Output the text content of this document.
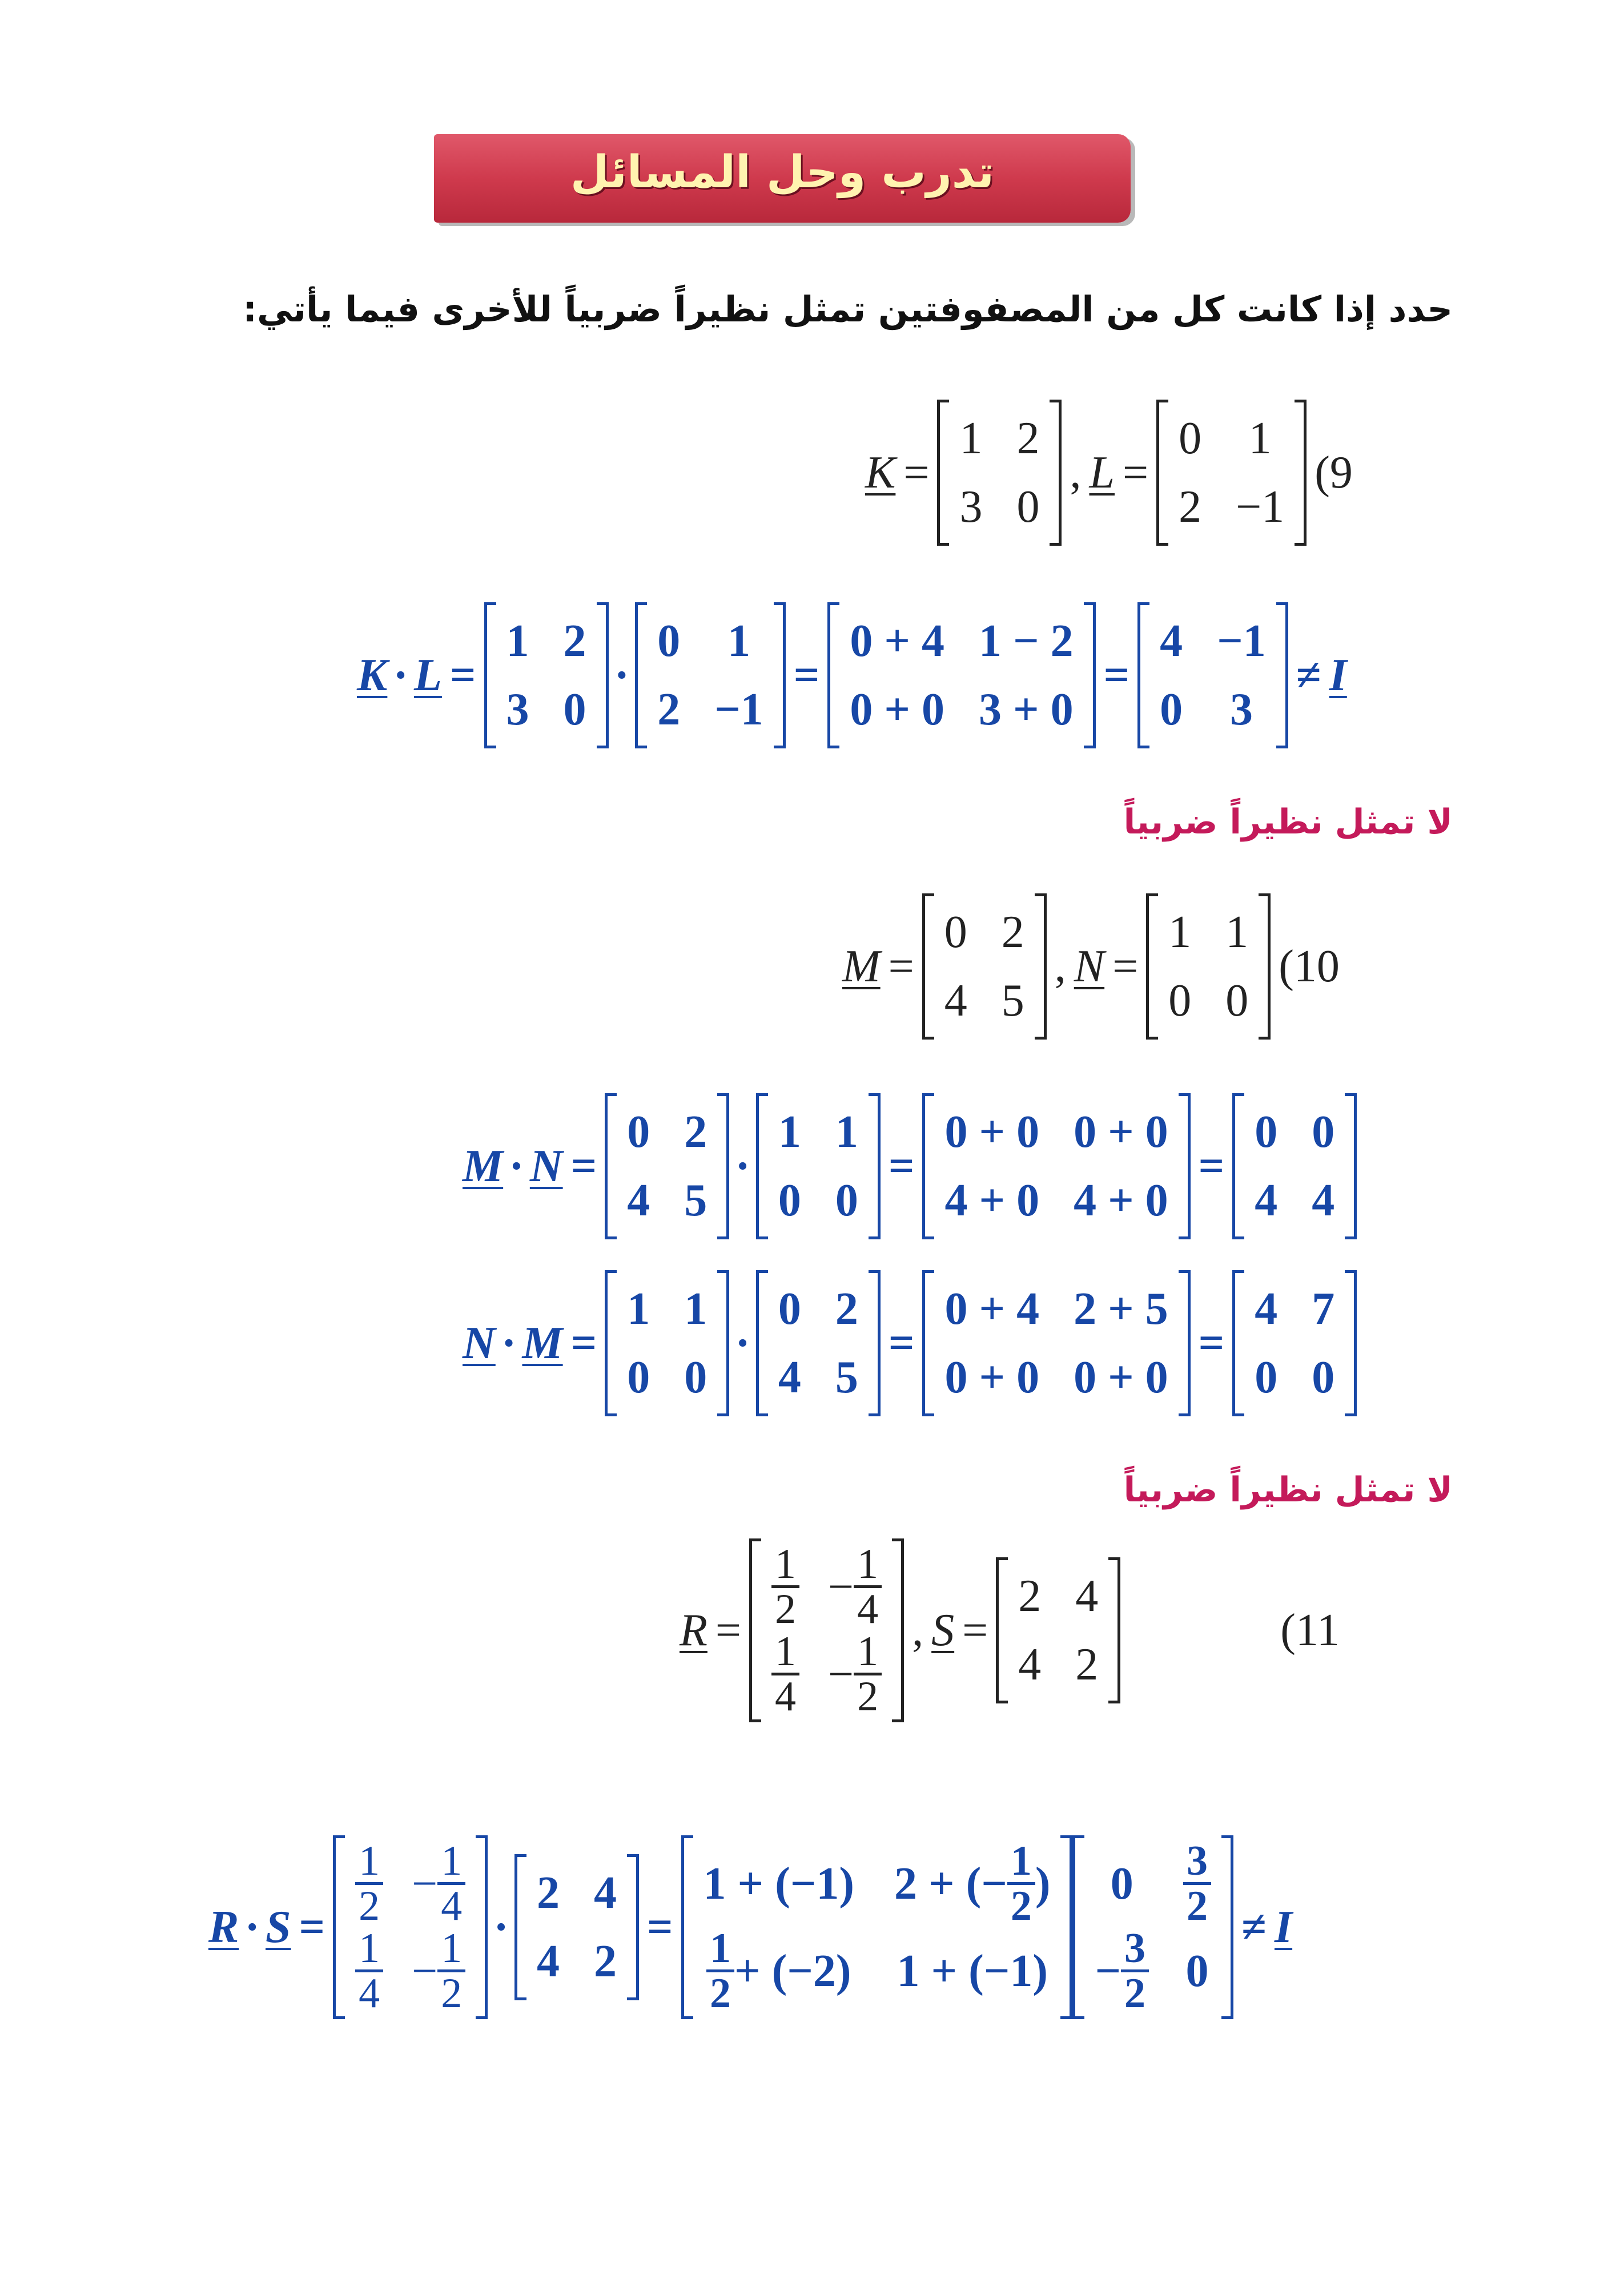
تدرب وحل المسائل
حدد إذا كانت كل من المصفوفتين تمثل نظيراً ضربياً للأخرى فيما يأتي:
K =
1 2
3 0
, L =
0 1
2 −1
(9
K · L =
1 2
3 0
·
0 1
2 −1
=
0 + 4 1 − 2
0 + 0 3 + 0
=
4 −1
0 3
≠ I
لا تمثل نظيراً ضربياً
M =
0 2
4 5
, N =
1 1
0 0
(10
M · N =
0 2
4 5
·
1 1
0 0
=
0 + 0 0 + 0
4 + 0 4 + 0
=
0 0
4 4
N · M =
1 1
0 0
·
0 2
4 5
=
0 + 4 2 + 5
0 + 0 0 + 0
=
4 7
0 0
لا تمثل نظيراً ضربياً
$R = \frac{1}{2} - \frac{1}{4}$
$\frac{1}{4} - \frac{1}{2}$ , S =
2 4
4 2
(11
$R \cdot S = \frac{1}{2} - \frac{1}{4}$
$\frac{1}{4} - \frac{1}{2}$ ·
2 4
4 2
=
1 + (−1) 2 + (− $\frac{1}{2}$ )
$\frac{1}{2} + (-2) 1 + (-1)$
0	$\frac{3}{2}$
− $\frac{3}{2} 0$
≠ I
